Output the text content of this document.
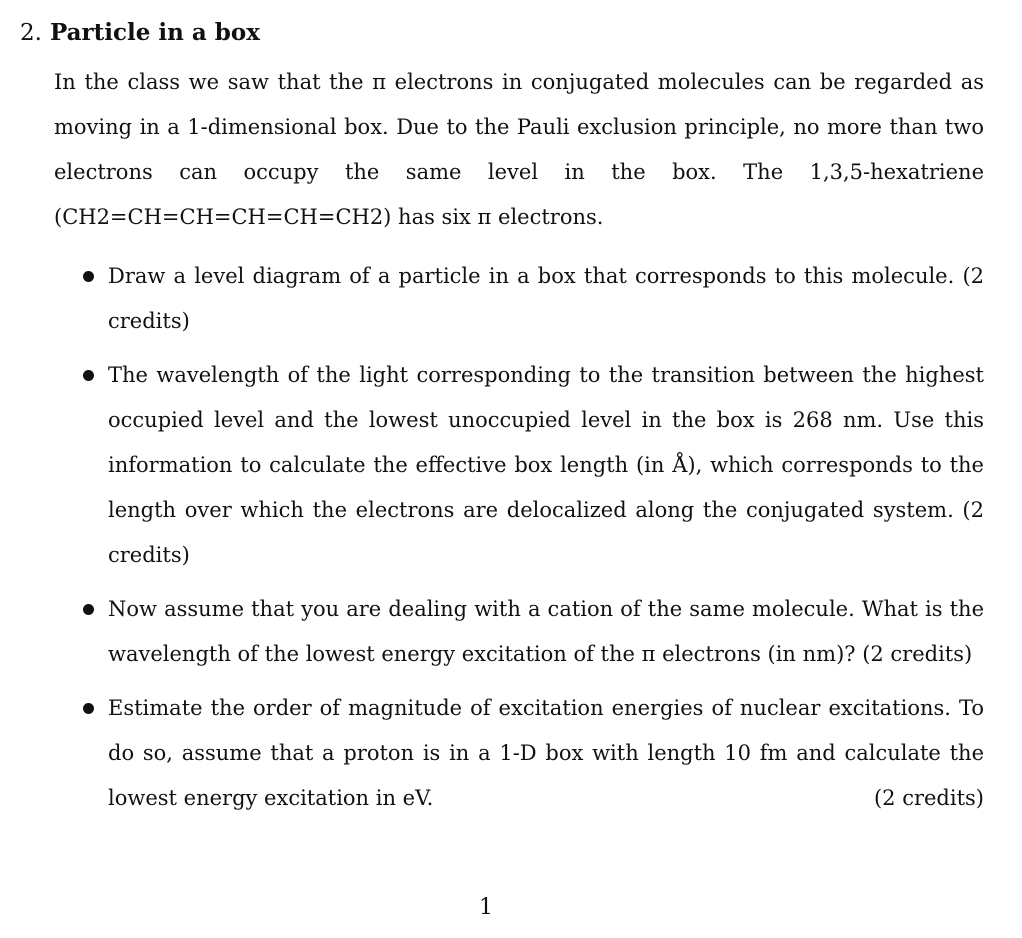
2. Particle in a box

In the class we saw that the π electrons in conjugated molecules can be regarded as moving in a 1-dimensional box. Due to the Pauli exclusion principle, no more than two electrons can occupy the same level in the box. The 1,3,5-hexatriene (CH2=CH=CH=CH=CH=CH2) has six π electrons.

Draw a level diagram of a particle in a box that corresponds to this molecule. (2 credits)
The wavelength of the light corresponding to the transition between the highest occupied level and the lowest unoccupied level in the box is 268 nm. Use this information to calculate the effective box length (in Å), which corresponds to the length over which the electrons are delocalized along the conjugated system. (2 credits)
Now assume that you are dealing with a cation of the same molecule. What is the wavelength of the lowest energy excitation of the π electrons (in nm)? (2 credits)
Estimate the order of magnitude of excitation energies of nuclear excitations. To do so, assume that a proton is in a 1-D box with length 10 fm and calculate the lowest energy excitation in eV.	(2 credits)
1
